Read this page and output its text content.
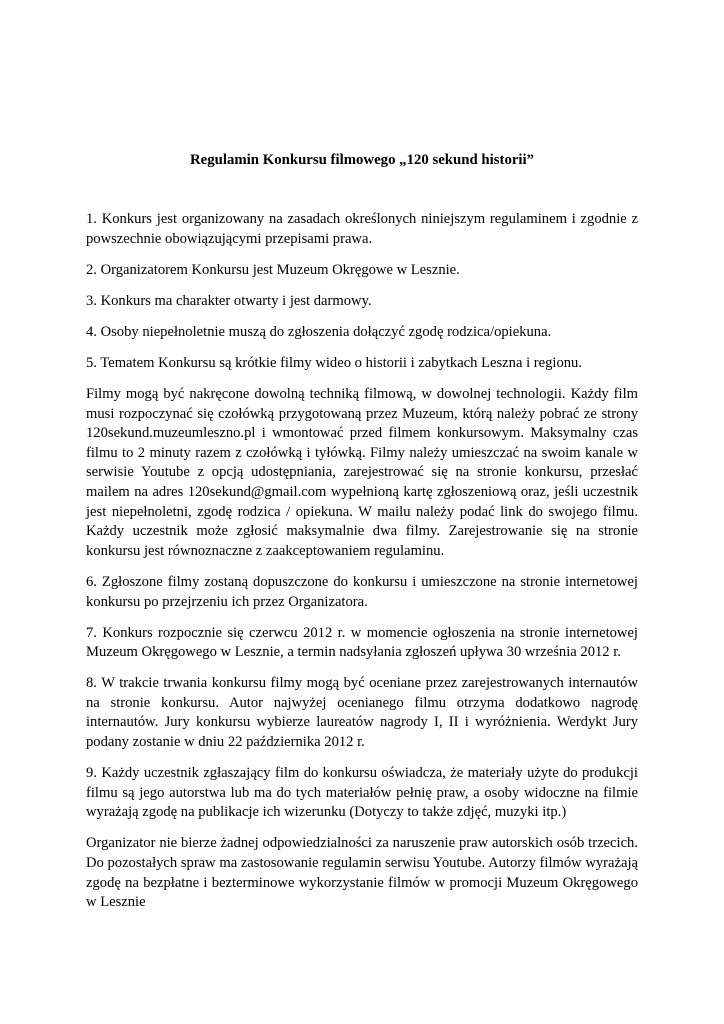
Regulamin Konkursu filmowego „120 sekund historii”

1. Konkurs jest organizowany na zasadach określonych niniejszym regulaminem i zgodnie z powszechnie obowiązującymi przepisami prawa.

2. Organizatorem Konkursu jest Muzeum Okręgowe w Lesznie.

3. Konkurs ma charakter otwarty i jest darmowy.

4. Osoby niepełnoletnie muszą do zgłoszenia dołączyć zgodę rodzica/opiekuna.

5. Tematem Konkursu są krótkie filmy wideo o historii i zabytkach Leszna i regionu.

Filmy mogą być nakręcone dowolną techniką filmową, w dowolnej technologii. Każdy film musi rozpoczynać się czołówką przygotowaną przez Muzeum, którą należy pobrać ze strony 120sekund.muzeumleszno.pl i wmontować przed filmem konkursowym. Maksymalny czas filmu to 2 minuty razem z czołówką i tyłówką. Filmy należy umieszczać na swoim kanale w serwisie Youtube z opcją udostępniania, zarejestrować się na stronie konkursu, przesłać mailem na adres 120sekund@gmail.com wypełnioną kartę zgłoszeniową oraz, jeśli uczestnik jest niepełnoletni, zgodę rodzica / opiekuna. W mailu należy podać link do swojego filmu. Każdy uczestnik może zgłosić maksymalnie dwa filmy. Zarejestrowanie się na stronie konkursu jest równoznaczne z zaakceptowaniem regulaminu.

6. Zgłoszone filmy zostaną dopuszczone do konkursu i umieszczone na stronie internetowej konkursu po przejrzeniu ich przez Organizatora.

7. Konkurs rozpocznie się czerwcu 2012 r. w momencie ogłoszenia na stronie internetowej Muzeum Okręgowego w Lesznie, a termin nadsyłania zgłoszeń upływa 30 września 2012 r.

8. W trakcie trwania konkursu filmy mogą być oceniane przez zarejestrowanych internautów na stronie konkursu. Autor najwyżej ocenianego filmu otrzyma dodatkowo nagrodę internautów. Jury konkursu wybierze laureatów nagrody I, II i wyróżnienia. Werdykt Jury podany zostanie w dniu 22 października 2012 r.

9. Każdy uczestnik zgłaszający film do konkursu oświadcza, że materiały użyte do produkcji filmu są jego autorstwa lub ma do tych materiałów pełnię praw, a osoby widoczne na filmie wyrażają zgodę na publikacje ich wizerunku (Dotyczy to także zdjęć, muzyki itp.)

Organizator nie bierze żadnej odpowiedzialności za naruszenie praw autorskich osób trzecich. Do pozostałych spraw ma zastosowanie regulamin serwisu Youtube. Autorzy filmów wyrażają zgodę na bezpłatne i bezterminowe wykorzystanie filmów w promocji Muzeum Okręgowego w Lesznie
